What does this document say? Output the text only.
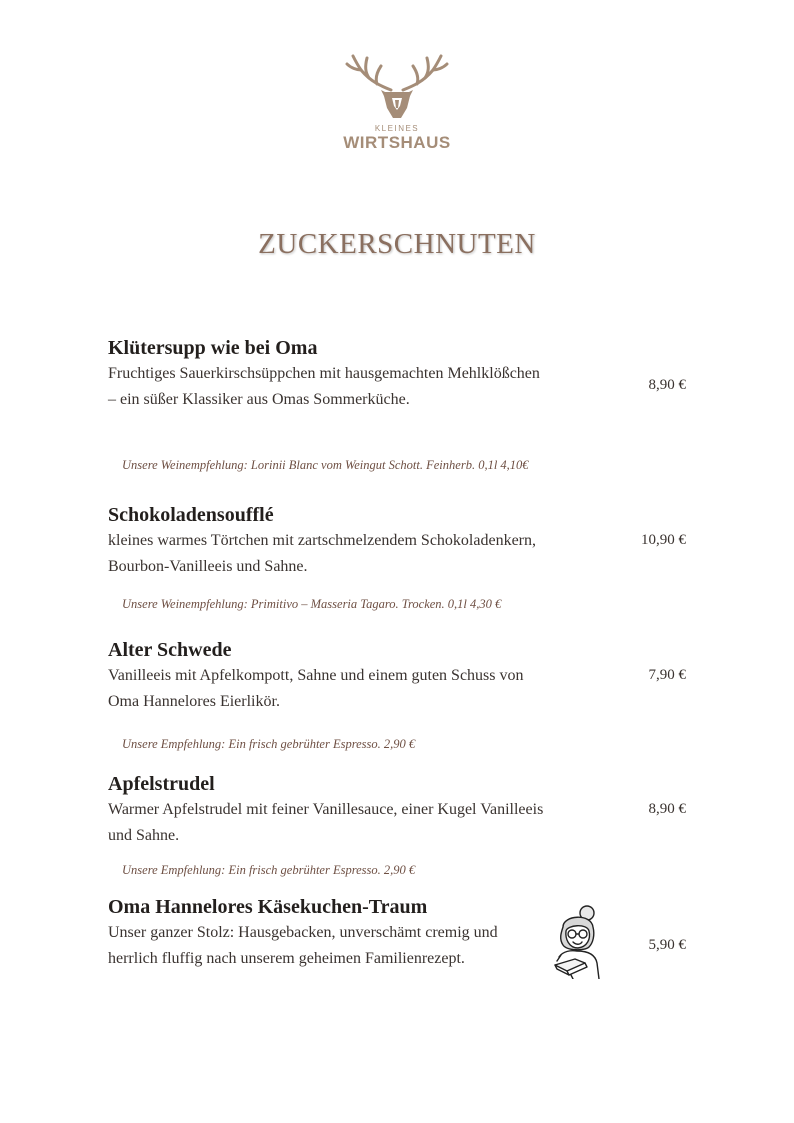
KLEINES
WIRTSHAUS
ZUCKERSCHNUTEN
Klütersupp wie bei Oma
Fruchtiges Sauerkirschsüppchen mit hausgemachten Mehlklößchen – ein süßer Klassiker aus Omas Sommerküche.
8,90 €
Unsere Weinempfehlung: Lorinii Blanc vom Weingut Schott. Feinherb. 0,1l 4,10€
Schokoladensoufflé
kleines warmes Törtchen mit zartschmelzendem Schokoladenkern, Bourbon-Vanilleeis und Sahne.
10,90 €
Unsere Weinempfehlung: Primitivo – Masseria Tagaro. Trocken. 0,1l 4,30 €
Alter Schwede
Vanilleeis mit Apfelkompott, Sahne und einem guten Schuss von Oma Hannelores Eierlikör.
7,90 €
Unsere Empfehlung: Ein frisch gebrühter Espresso. 2,90 €
Apfelstrudel
Warmer Apfelstrudel mit feiner Vanillesauce, einer Kugel Vanilleeis und Sahne.
8,90 €
Unsere Empfehlung: Ein frisch gebrühter Espresso. 2,90 €
Oma Hannelores Käsekuchen-Traum
Unser ganzer Stolz: Hausgebacken, unverschämt cremig und herrlich fluffig nach unserem geheimen Familienrezept.
5,90 €
